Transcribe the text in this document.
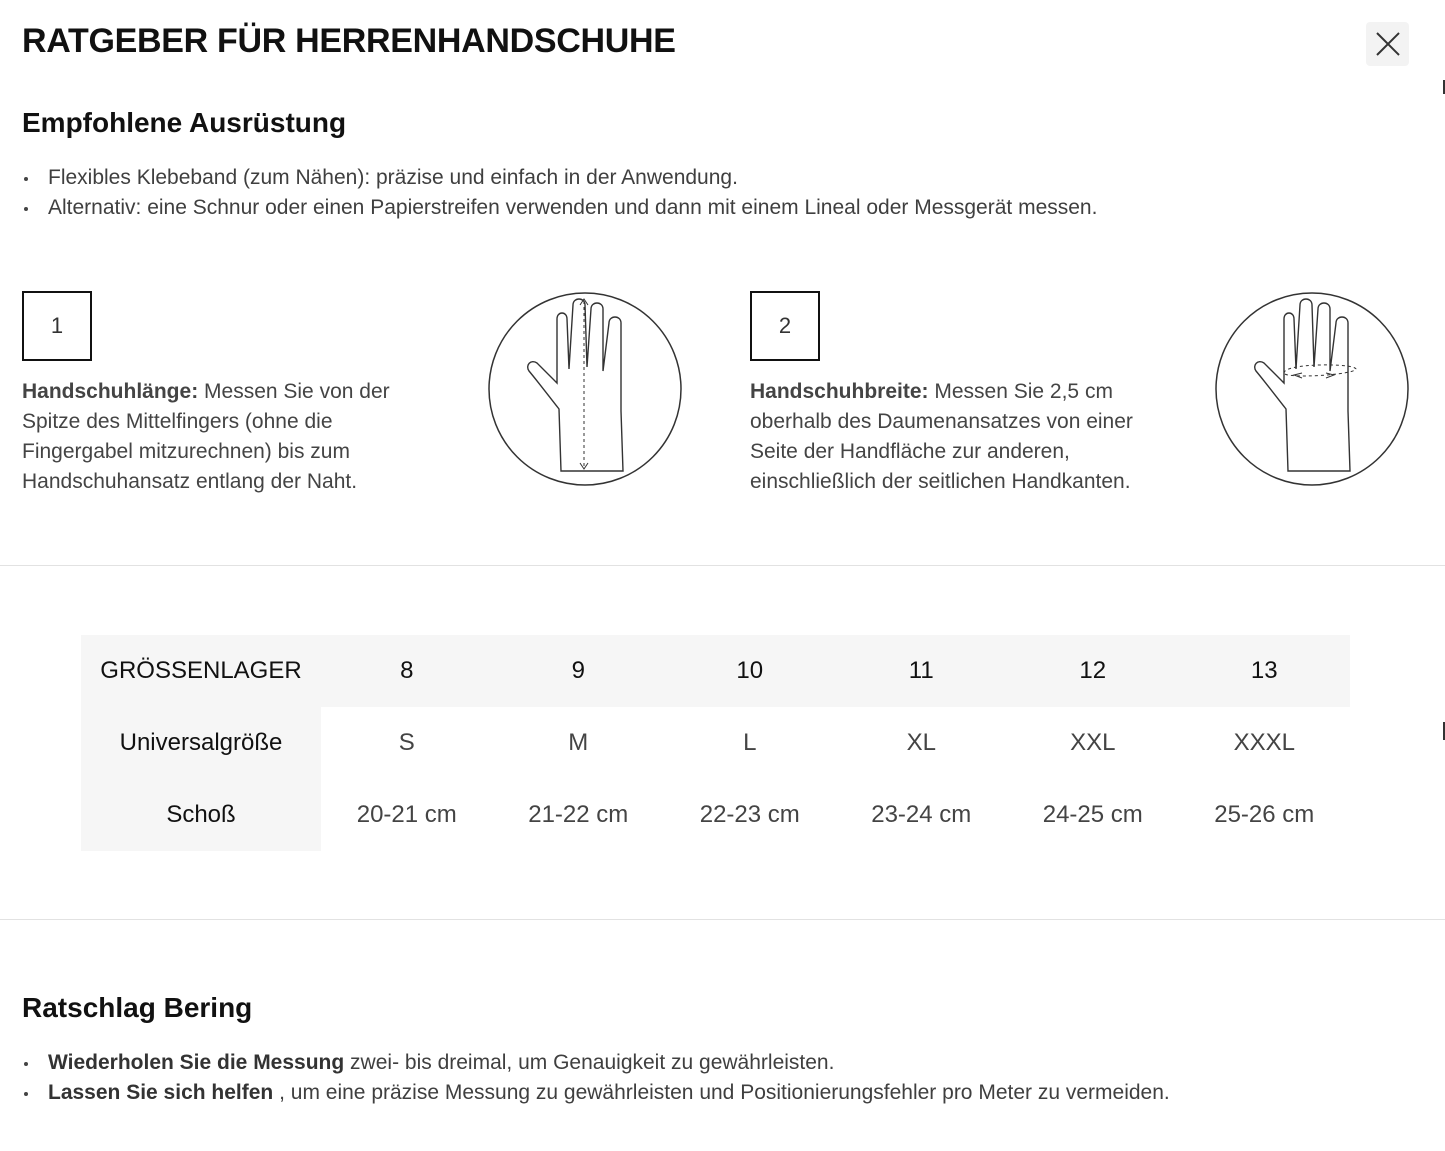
RATGEBER FÜR HERRENHANDSCHUHE
Empfohlene Ausrüstung
Flexibles Klebeband (zum Nähen): präzise und einfach in der Anwendung.
Alternativ: eine Schnur oder einen Papierstreifen verwenden und dann mit einem Lineal oder Messgerät messen.
1

Handschuhlänge: Messen Sie von der Spitze des Mittelfingers (ohne die Fingergabel mitzurechnen) bis zum Handschuhansatz entlang der Naht.

2

Handschuhbreite: Messen Sie 2,5 cm oberhalb des Daumenansatzes von einer Seite der Handfläche zur anderen, einschließlich der seitlichen Handkanten.

GRÖSSENLAGER	8	9	10	11	12	13
Universalgröße	S	M	L	XL	XXL	XXXL
Schoß	20-21 cm	21-22 cm	22-23 cm	23-24 cm	24-25 cm	25-26 cm
Ratschlag Bering
Wiederholen Sie die Messung zwei- bis dreimal, um Genauigkeit zu gewährleisten.
Lassen Sie sich helfen , um eine präzise Messung zu gewährleisten und Positionierungsfehler pro Meter zu vermeiden.
